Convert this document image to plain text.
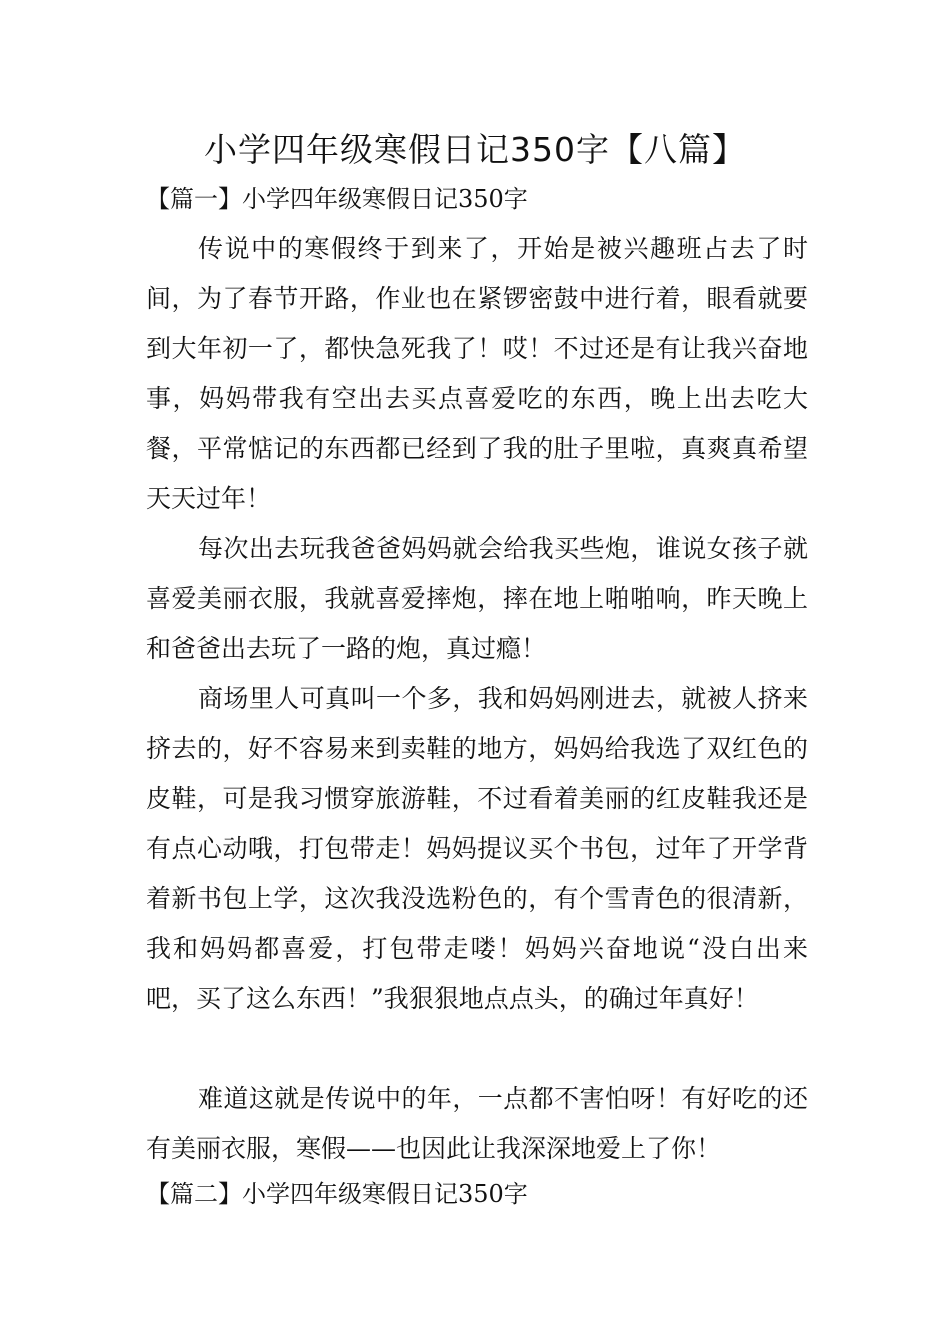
小学四年级寒假日记350字【八篇】
【篇一】小学四年级寒假日记350字

传说中的寒假终于到来了，开始是被兴趣班占去了时间，为了春节开路，作业也在紧锣密鼓中进行着，眼看就要到大年初一了，都快急死我了！哎！不过还是有让我兴奋地事，妈妈带我有空出去买点喜爱吃的东西，晚上出去吃大餐，平常惦记的东西都已经到了我的肚子里啦，真爽真希望天天过年！

每次出去玩我爸爸妈妈就会给我买些炮，谁说女孩子就喜爱美丽衣服，我就喜爱摔炮，摔在地上啪啪响，昨天晚上和爸爸出去玩了一路的炮，真过瘾！

商场里人可真叫一个多，我和妈妈刚进去，就被人挤来挤去的，好不容易来到卖鞋的地方，妈妈给我选了双红色的皮鞋，可是我习惯穿旅游鞋，不过看着美丽的红皮鞋我还是有点心动哦，打包带走！妈妈提议买个书包，过年了开学背着新书包上学，这次我没选粉色的，有个雪青色的很清新，我和妈妈都喜爱，打包带走喽！妈妈兴奋地说“没白出来吧，买了这么东西！”我狠狠地点点头，的确过年真好！

难道这就是传说中的年，一点都不害怕呀！有好吃的还有美丽衣服，寒假——也因此让我深深地爱上了你！

【篇二】小学四年级寒假日记350字
